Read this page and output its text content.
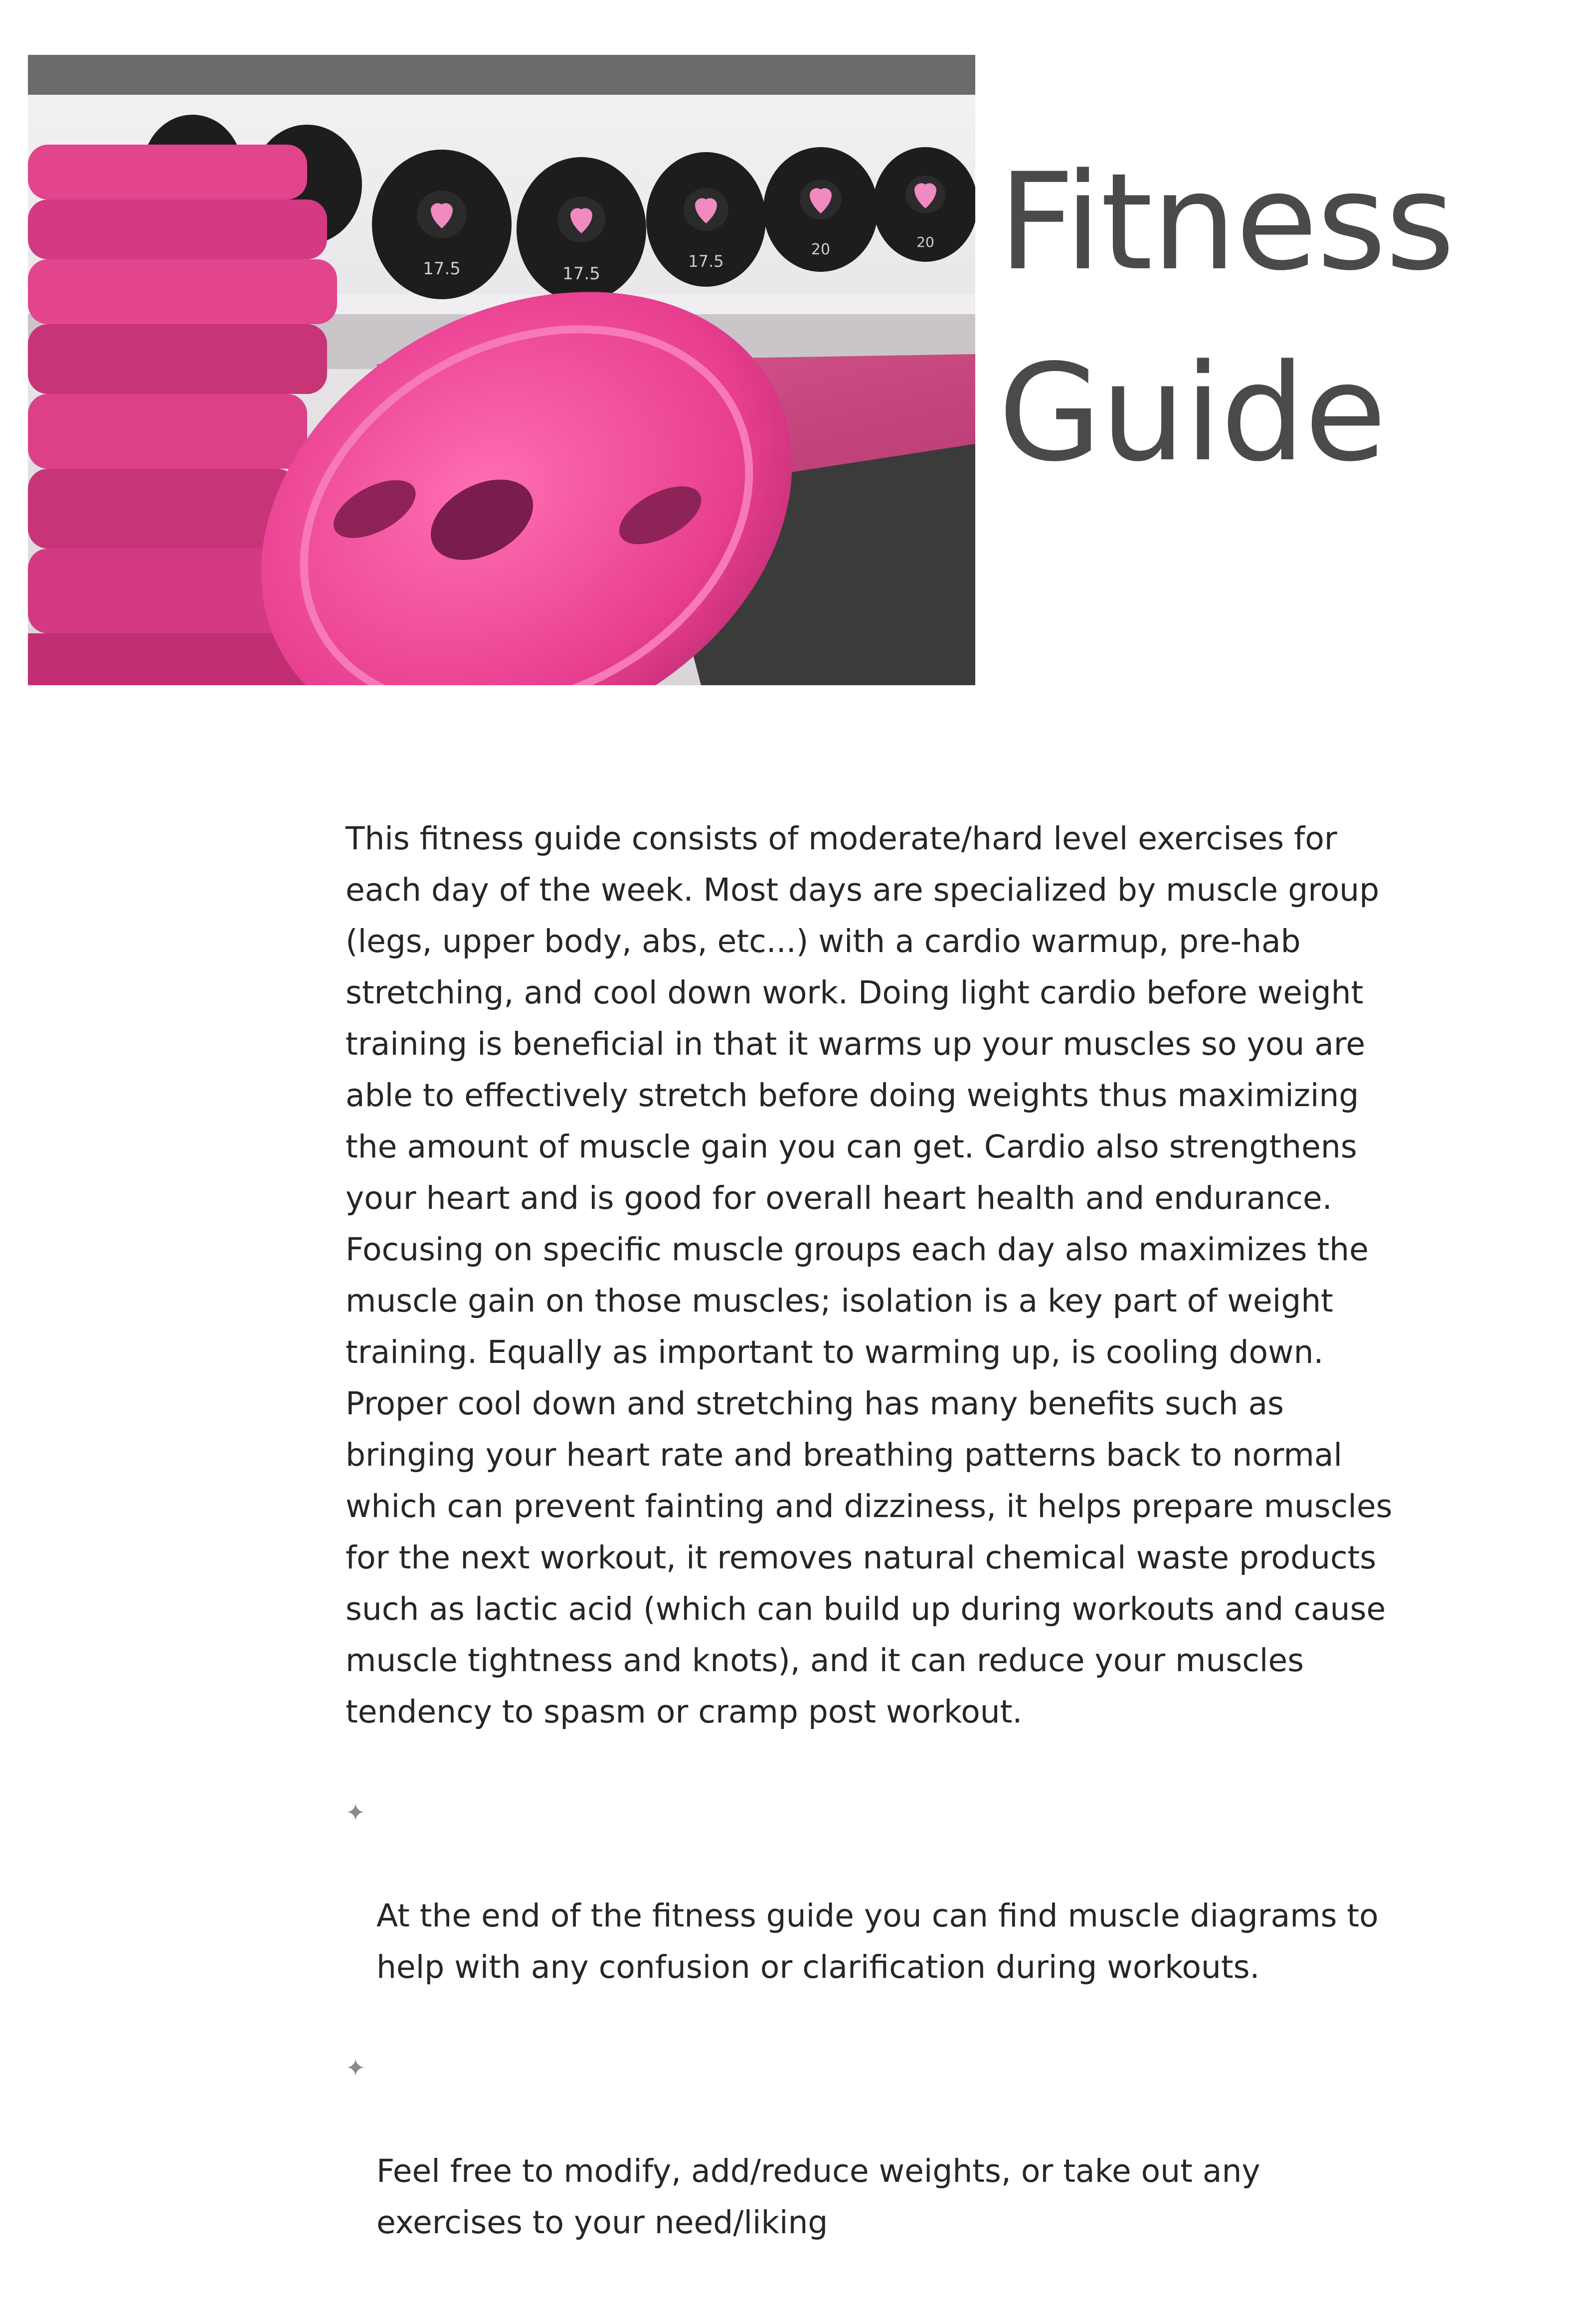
17.5	17.5
17.5
20	20 Fitness
Guide

This fitness guide consists of moderate/hard level exercises for
each day of the week. Most days are specialized by muscle group
(legs, upper body, abs, etc...) with a cardio warmup, pre-hab
stretching, and cool down work. Doing light cardio before weight
training is beneficial in that it warms up your muscles so you are
able to effectively stretch before doing weights thus maximizing
the amount of muscle gain you can get. Cardio also strengthens
your heart and is good for overall heart health and endurance.
Focusing on specific muscle groups each day also maximizes the
muscle gain on those muscles; isolation is a key part of weight
training. Equally as important to warming up, is cooling down.
Proper cool down and stretching has many benefits such as
bringing your heart rate and breathing patterns back to normal
which can prevent fainting and dizziness, it helps prepare muscles
for the next workout, it removes natural chemical waste products
such as lactic acid (which can build up during workouts and cause
muscle tightness and knots), and it can reduce your muscles
tendency to spasm or cramp post workout.

✦

At the end of the fitness guide you can find muscle diagrams to
help with any confusion or clarification during workouts.

✦

Feel free to modify, add/reduce weights, or take out any
exercises to your need/liking
